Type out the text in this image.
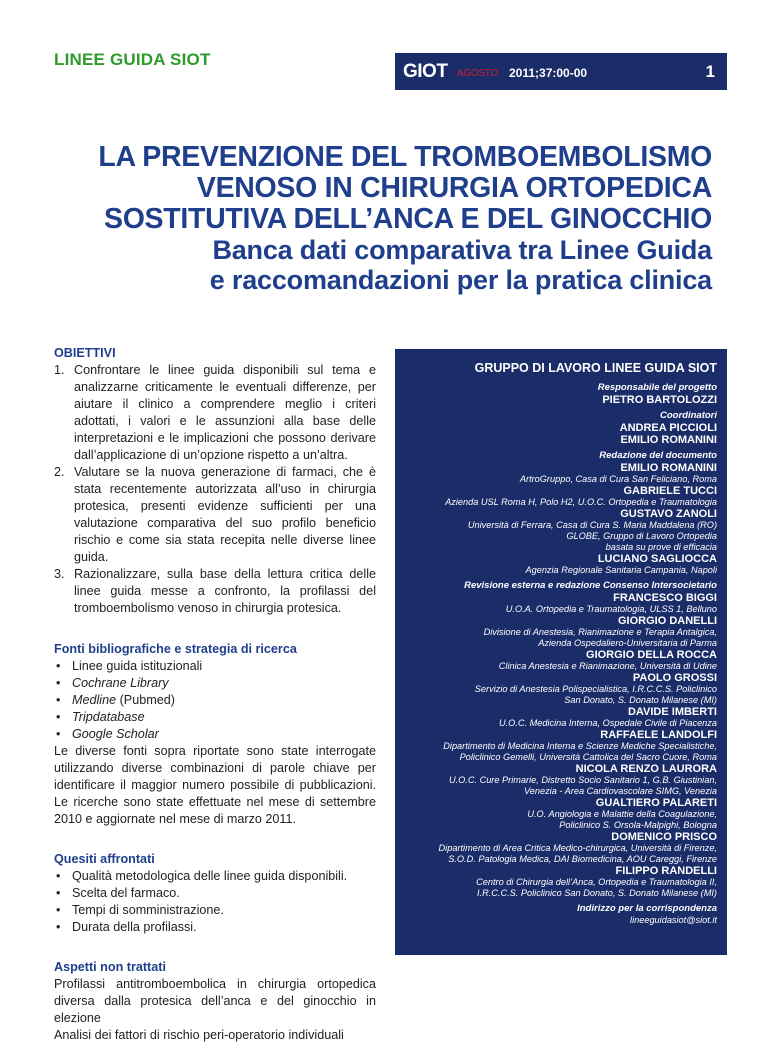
LINEE GUIDA SIOT
GIOT AGOSTO 2011;37:00-00	1
LA PREVENZIONE DEL TROMBOEMBOLISMO
VENOSO IN CHIRURGIA ORTOPEDICA
SOSTITUTIVA DELL’ANCA E DEL GINOCCHIO
Banca dati comparativa tra Linee Guida
e raccomandazioni per la pratica clinica
OBIETTIVI
1. Confrontare le linee guida disponibili sul tema e analizzarne criticamente le eventuali differenze, per aiutare il clinico a comprendere meglio i criteri adottati, i valori e le assunzioni alla base delle interpretazioni e le implicazioni che possono derivare dall’applicazione di un’opzione rispetto a un’altra.
2. Valutare se la nuova generazione di farmaci, che è stata recentemente autorizzata all’uso in chirurgia protesica, presenti evidenze sufficienti per una valutazione comparativa del suo profilo beneficio rischio e come sia stata recepita nelle diverse linee guida.
3. Razionalizzare, sulla base della lettura critica delle linee guida messe a confronto, la profilassi del tromboembolismo venoso in chirurgia protesica.
Fonti bibliografiche e strategia di ricerca
• Linee guida istituzionali
• Cochrane Library
• Medline (Pubmed)
• Tripdatabase
• Google Scholar

Le diverse fonti sopra riportate sono state interrogate utilizzando diverse combinazioni di parole chiave per identificare il maggior numero possibile di pubblicazioni. Le ricerche sono state effettuate nel mese di settembre 2010 e aggiornate nel mese di marzo 2011.

Quesiti affrontati
• Qualità metodologica delle linee guida disponibili.
• Scelta del farmaco.
• Tempi di somministrazione.
• Durata della profilassi.
Aspetti non trattati

Profilassi antitromboembolica in chirurgia ortopedica diversa dalla protesica dell’anca e del ginocchio in elezione

Analisi dei fattori di rischio peri-operatorio individuali

GRUPPO DI LAVORO LINEE GUIDA SIOT
Responsabile del progetto
PIETRO BARTOLOZZI
Coordinatori
ANDREA PICCIOLI
EMILIO ROMANINI
Redazione del documento
EMILIO ROMANINI
ArtroGruppo, Casa di Cura San Feliciano, Roma
GABRIELE TUCCI
Azienda USL Roma H, Polo H2, U.O.C. Ortopedia e Traumatologia
GUSTAVO ZANOLI
Università di Ferrara, Casa di Cura S. Maria Maddalena (RO)
GLOBE, Gruppo di Lavoro Ortopedia
basata su prove di efficacia
LUCIANO SAGLIOCCA
Agenzia Regionale Sanitaria Campania, Napoli
Revisione esterna e redazione Consenso Intersocietario
FRANCESCO BIGGI
U.O.A. Ortopedia e Traumatologia, ULSS 1, Belluno
GIORGIO DANELLI
Divisione di Anestesia, Rianimazione e Terapia Antalgica,
Azienda Ospedaliero-Universitaria di Parma
GIORGIO DELLA ROCCA
Clinica Anestesia e Rianimazione, Università di Udine
PAOLO GROSSI
Servizio di Anestesia Polispecialistica, I.R.C.C.S. Policlinico
San Donato, S. Donato Milanese (MI)
DAVIDE IMBERTI
U.O.C. Medicina Interna, Ospedale Civile di Piacenza
RAFFAELE LANDOLFI
Dipartimento di Medicina Interna e Scienze Mediche Specialistiche,
Policlinico Gemelli, Università Cattolica del Sacro Cuore, Roma
NICOLA RENZO LAURORA
U.O.C. Cure Primarie, Distretto Socio Sanitario 1, G.B. Giustinian,
Venezia - Area Cardiovascolare SIMG, Venezia
GUALTIERO PALARETI
U.O. Angiologia e Malattie della Coagulazione,
Policlinico S. Orsola-Malpighi, Bologna
DOMENICO PRISCO
Dipartimento di Area Critica Medico-chirurgica, Università di Firenze,
S.O.D. Patologia Medica, DAI Biomedicina, AOU Careggi, Firenze
FILIPPO RANDELLI
Centro di Chirurgia dell’Anca, Ortopedia e Traumatologia II,
I.R.C.C.S. Policlinico San Donato, S. Donato Milanese (MI)
Indirizzo per la corrispondenza
lineeguidasiot@siot.it
